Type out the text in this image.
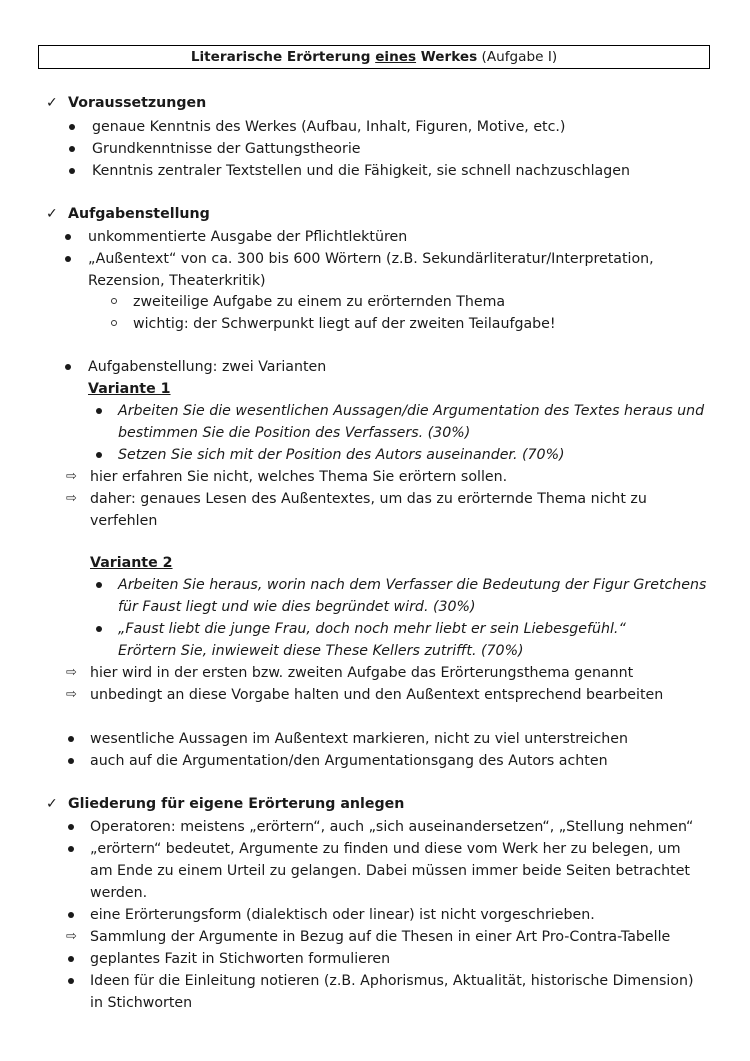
Literarische Erörterung eines Werkes (Aufgabe I)
✓ Voraussetzungen
genaue Kenntnis des Werkes (Aufbau, Inhalt, Figuren, Motive, etc.)
Grundkenntnisse der Gattungstheorie
Kenntnis zentraler Textstellen und die Fähigkeit, sie schnell nachzuschlagen
✓ Aufgabenstellung
unkommentierte Ausgabe der Pflichtlektüren
„Außentext“ von ca. 300 bis 600 Wörtern (z.B. Sekundärliteratur/Interpretation,
Rezension, Theaterkritik)
zweiteilige Aufgabe zu einem zu erörternden Thema
wichtig: der Schwerpunkt liegt auf der zweiten Teilaufgabe!
Aufgabenstellung: zwei Varianten
Variante 1
Arbeiten Sie die wesentlichen Aussagen/die Argumentation des Textes heraus und
bestimmen Sie die Position des Verfassers. (30%)
Setzen Sie sich mit der Position des Autors auseinander. (70%)
⇨ hier erfahren Sie nicht, welches Thema Sie erörtern sollen.
⇨ daher: genaues Lesen des Außentextes, um das zu erörternde Thema nicht zu
verfehlen
Variante 2
Arbeiten Sie heraus, worin nach dem Verfasser die Bedeutung der Figur Gretchens
für Faust liegt und wie dies begründet wird. (30%)
„Faust liebt die junge Frau, doch noch mehr liebt er sein Liebesgefühl.“
Erörtern Sie, inwieweit diese These Kellers zutrifft. (70%)
⇨ hier wird in der ersten bzw. zweiten Aufgabe das Erörterungsthema genannt
⇨ unbedingt an diese Vorgabe halten und den Außentext entsprechend bearbeiten
wesentliche Aussagen im Außentext markieren, nicht zu viel unterstreichen
auch auf die Argumentation/den Argumentationsgang des Autors achten
✓ Gliederung für eigene Erörterung anlegen
Operatoren: meistens „erörtern“, auch „sich auseinandersetzen“, „Stellung nehmen“
„erörtern“ bedeutet, Argumente zu finden und diese vom Werk her zu belegen, um
am Ende zu einem Urteil zu gelangen. Dabei müssen immer beide Seiten betrachtet
werden.
eine Erörterungsform (dialektisch oder linear) ist nicht vorgeschrieben.
⇨ Sammlung der Argumente in Bezug auf die Thesen in einer Art Pro-Contra-Tabelle
geplantes Fazit in Stichworten formulieren
Ideen für die Einleitung notieren (z.B. Aphorismus, Aktualität, historische Dimension)
in Stichworten
